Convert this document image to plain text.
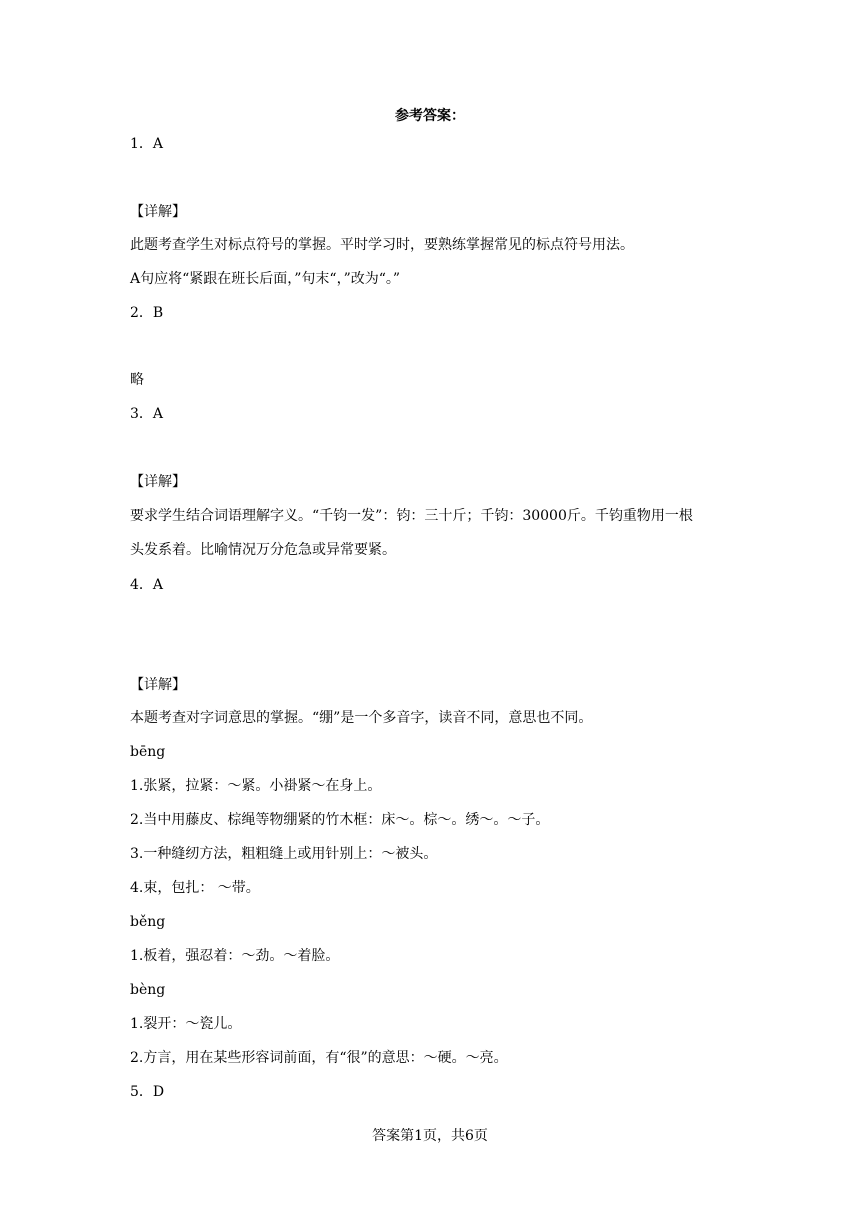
参考答案：
1．A
【详解】
此题考查学生对标点符号的掌握。平时学习时，要熟练掌握常见的标点符号用法。
A句应将“紧跟在班长后面，”句末“，”改为“。”
2．B
略
3．A
【详解】
要求学生结合词语理解字义。“千钧一发”：钧：三十斤；千钧：30000斤。千钧重物用一根
头发系着。比喻情况万分危急或异常要紧。
4．A
【详解】
本题考查对字词意思的掌握。“绷”是一个多音字，读音不同，意思也不同。
bēng
1.张紧，拉紧：～紧。小褂紧～在身上。
2.当中用藤皮、棕绳等物绷紧的竹木框：床～。棕～。绣～。～子。
3.一种缝纫方法，粗粗缝上或用针别上：～被头。
4.束，包扎： ～带。
běng
1.板着，强忍着：～劲。～着脸。
bèng
1.裂开：～瓷儿。
2.方言，用在某些形容词前面，有“很”的意思：～硬。～亮。
5．D
答案第1页，共6页
